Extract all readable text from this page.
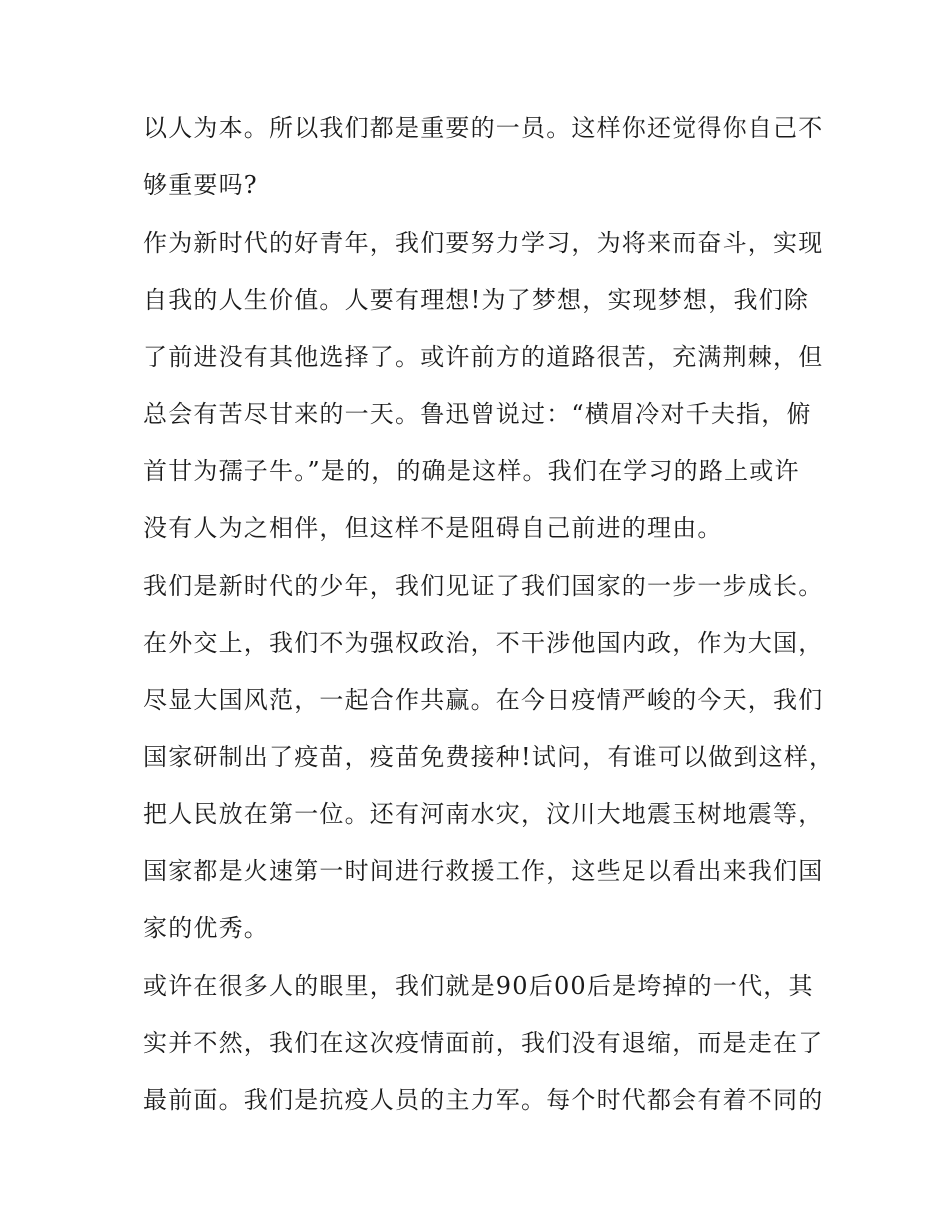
以人为本。所以我们都是重要的一员。这样你还觉得你自己不
够重要吗?
作为新时代的好青年，我们要努力学习，为将来而奋斗，实现
自我的人生价值。人要有理想!为了梦想，实现梦想，我们除
了前进没有其他选择了。或许前方的道路很苦，充满荆棘，但
总会有苦尽甘来的一天。鲁迅曾说过：“横眉冷对千夫指，俯
首甘为孺子牛。”是的，的确是这样。我们在学习的路上或许
没有人为之相伴，但这样不是阻碍自己前进的理由。
我们是新时代的少年，我们见证了我们国家的一步一步成长。
在外交上，我们不为强权政治，不干涉他国内政，作为大国，
尽显大国风范，一起合作共赢。在今日疫情严峻的今天，我们
国家研制出了疫苗，疫苗免费接种!试问，有谁可以做到这样，
把人民放在第一位。还有河南水灾，汶川大地震玉树地震等，
国家都是火速第一时间进行救援工作，这些足以看出来我们国
家的优秀。
或许在很多人的眼里，我们就是90后00后是垮掉的一代，其
实并不然，我们在这次疫情面前，我们没有退缩，而是走在了
最前面。我们是抗疫人员的主力军。每个时代都会有着不同的
